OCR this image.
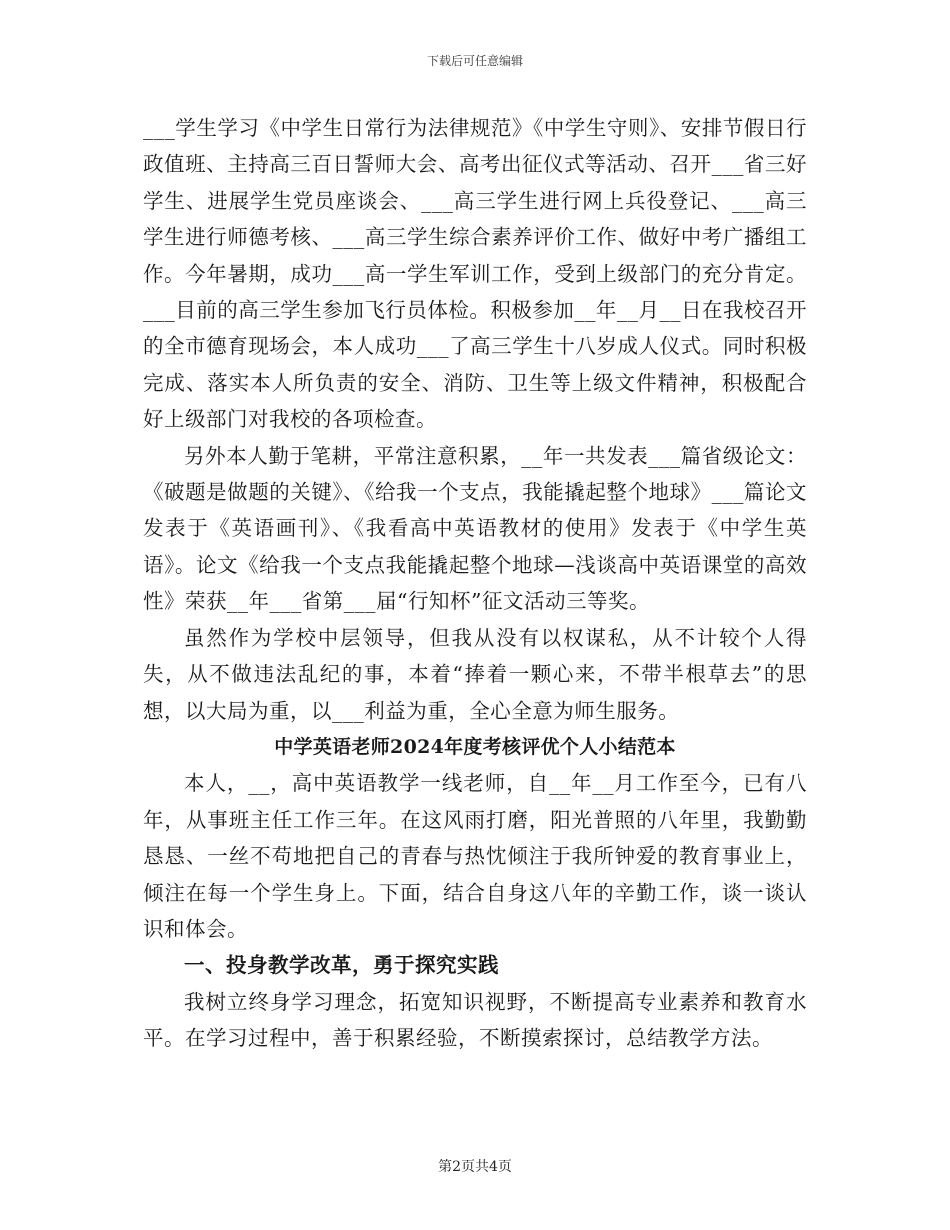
下载后可任意编辑

___学生学习《中学生日常行为法律规范》《中学生守则》、安排节假日行政值班、主持高三百日誓师大会、高考出征仪式等活动、召开___省三好学生、进展学生党员座谈会、___高三学生进行网上兵役登记、___高三学生进行师德考核、___高三学生综合素养评价工作、做好中考广播组工作。今年暑期，成功___高一学生军训工作，受到上级部门的充分肯定。___目前的高三学生参加飞行员体检。积极参加__年__月__日在我校召开的全市德育现场会，本人成功___了高三学生十八岁成人仪式。同时积极完成、落实本人所负责的安全、消防、卫生等上级文件精神，积极配合好上级部门对我校的各项检查。

另外本人勤于笔耕，平常注意积累，__年一共发表___篇省级论文：《破题是做题的关键》、《给我一个支点，我能撬起整个地球》___篇论文发表于《英语画刊》、《我看高中英语教材的使用》发表于《中学生英语》。论文《给我一个支点我能撬起整个地球—浅谈高中英语课堂的高效性》荣获__年___省第___届“行知杯”征文活动三等奖。

虽然作为学校中层领导，但我从没有以权谋私，从不计较个人得失，从不做违法乱纪的事，本着“捧着一颗心来，不带半根草去”的思想，以大局为重，以___利益为重，全心全意为师生服务。

中学英语老师2024年度考核评优个人小结范本

本人，__，高中英语教学一线老师，自__年__月工作至今，已有八年，从事班主任工作三年。在这风雨打磨，阳光普照的八年里，我勤勤恳恳、一丝不苟地把自己的青春与热忱倾注于我所钟爱的教育事业上，倾注在每一个学生身上。下面，结合自身这八年的辛勤工作，谈一谈认识和体会。

一、投身教学改革，勇于探究实践

我树立终身学习理念，拓宽知识视野，不断提高专业素养和教育水平。在学习过程中，善于积累经验，不断摸索探讨，总结教学方法。

第2页共4页
